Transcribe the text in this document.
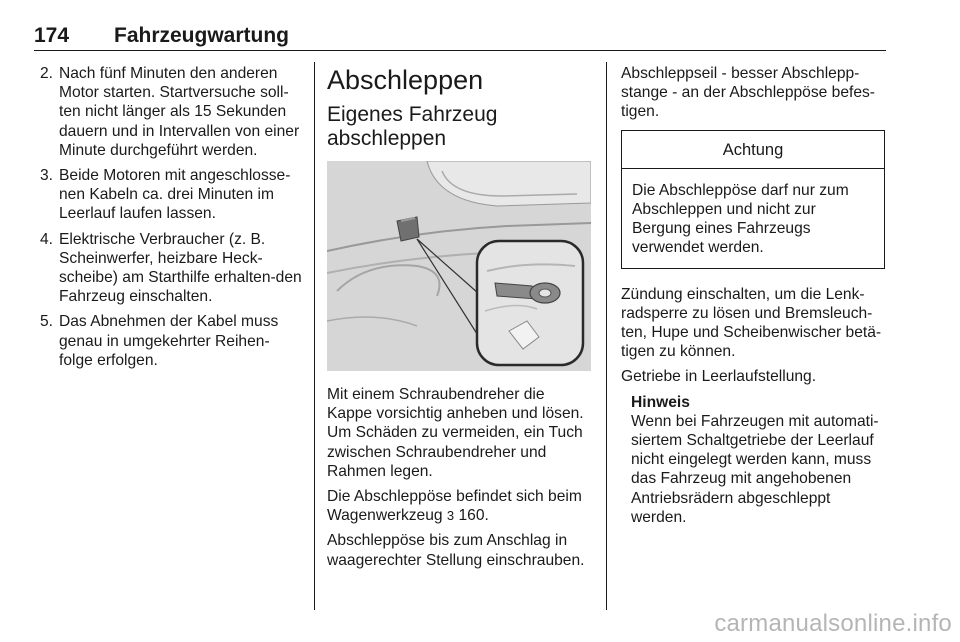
174 Fahrzeugwartung
2. Nach fünf Minuten den anderen Motor starten. Startversuche soll-ten nicht länger als 15 Sekunden dauern und in Intervallen von einer Minute durchgeführt werden.
3. Beide Motoren mit angeschlosse-nen Kabeln ca. drei Minuten im Leerlauf laufen lassen.
4. Elektrische Verbraucher (z. B. Scheinwerfer, heizbare Heck-scheibe) am Starthilfe erhalten-den Fahrzeug einschalten.
5. Das Abnehmen der Kabel muss genau in umgekehrter Reihen-folge erfolgen.
Abschleppen
Eigenes Fahrzeug abschleppen

Mit einem Schraubendreher die Kappe vorsichtig anheben und lösen. Um Schäden zu vermeiden, ein Tuch zwischen Schraubendreher und Rahmen legen.

Die Abschleppöse befindet sich beim Wagenwerkzeug 3 160.

Abschleppöse bis zum Anschlag in waagerechter Stellung einschrauben.

Abschleppseil - besser Abschlepp-stange - an der Abschleppöse befes-tigen.

Achtung
Die Abschleppöse darf nur zum Abschleppen und nicht zur Bergung eines Fahrzeugs verwendet werden.

Zündung einschalten, um die Lenk-radsperre zu lösen und Bremsleuch-ten, Hupe und Scheibenwischer betä-tigen zu können.

Getriebe in Leerlaufstellung.

Hinweis
Wenn bei Fahrzeugen mit automati-siertem Schaltgetriebe der Leerlauf nicht eingelegt werden kann, muss das Fahrzeug mit angehobenen Antriebsrädern abgeschleppt werden.
carmanualsonline.info
